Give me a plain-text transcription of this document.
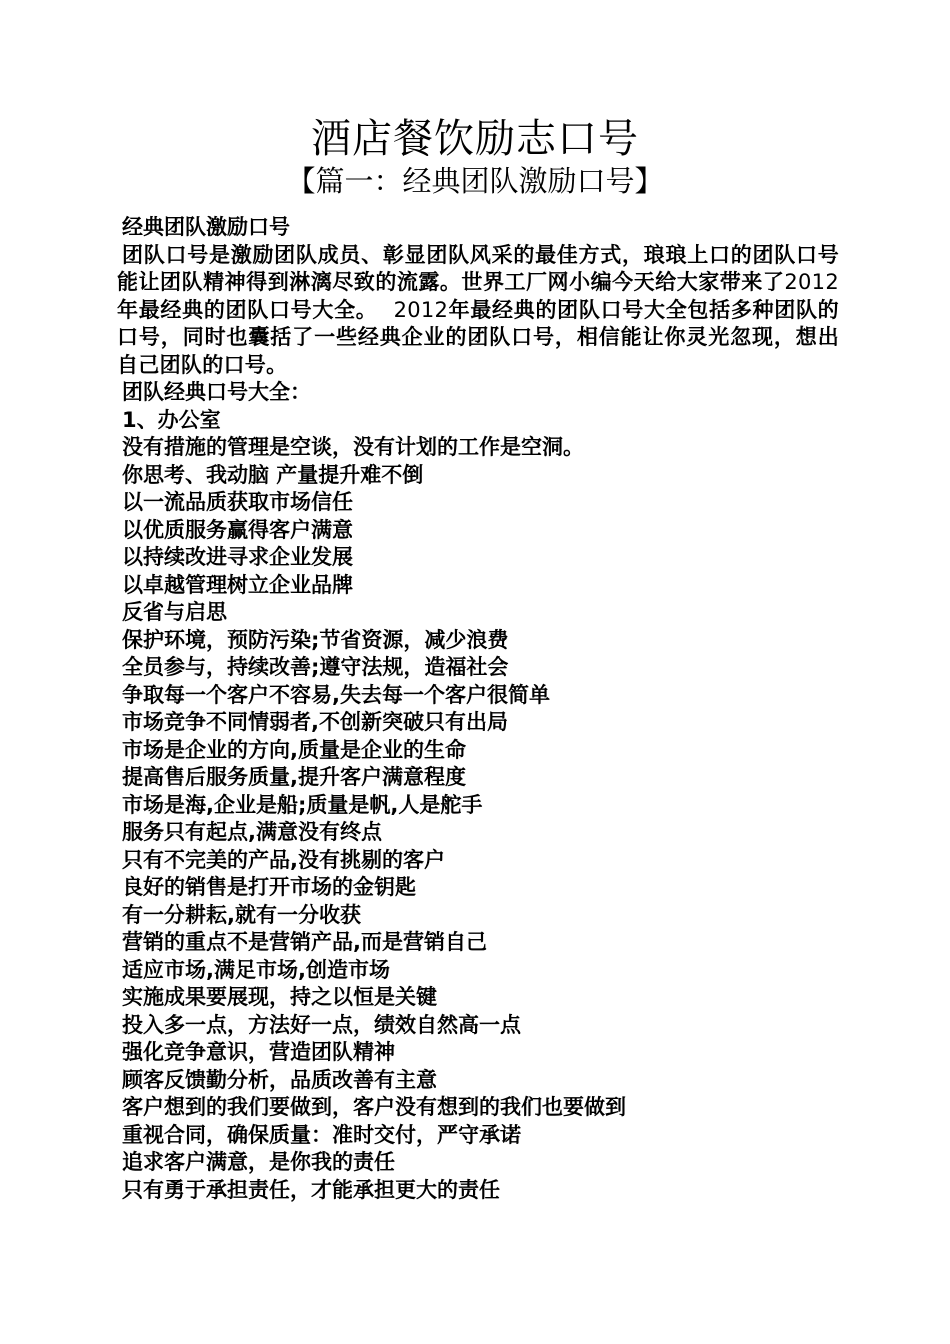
酒店餐饮励志口号
【篇一：经典团队激励口号】

经典团队激励口号

团队口号是激励团队成员、彰显团队风采的最佳方式，琅琅上口的团队口号能让团队精神得到淋漓尽致的流露。世界工厂网小编今天给大家带来了2012年最经典的团队口号大全。 2012年最经典的团队口号大全包括多种团队的口号，同时也囊括了一些经典企业的团队口号，相信能让你灵光忽现，想出自己团队的口号。

团队经典口号大全：

1、办公室

没有措施的管理是空谈，没有计划的工作是空洞。
你思考、我动脑 产量提升难不倒
以一流品质获取市场信任
以优质服务赢得客户满意
以持续改进寻求企业发展
以卓越管理树立企业品牌
反省与启思
保护环境，预防污染;节省资源，减少浪费
全员参与，持续改善;遵守法规，造福社会
争取每一个客户不容易,失去每一个客户很简单
市场竞争不同情弱者,不创新突破只有出局
市场是企业的方向,质量是企业的生命
提高售后服务质量,提升客户满意程度
市场是海,企业是船;质量是帆,人是舵手
服务只有起点,满意没有终点
只有不完美的产品,没有挑剔的客户
良好的销售是打开市场的金钥匙
有一分耕耘,就有一分收获
营销的重点不是营销产品,而是营销自己
适应市场,满足市场,创造市场
实施成果要展现，持之以恒是关键
投入多一点，方法好一点，绩效自然高一点
强化竞争意识，营造团队精神
顾客反馈勤分析，品质改善有主意
客户想到的我们要做到，客户没有想到的我们也要做到
重视合同，确保质量：准时交付，严守承诺
追求客户满意，是你我的责任
只有勇于承担责任，才能承担更大的责任
